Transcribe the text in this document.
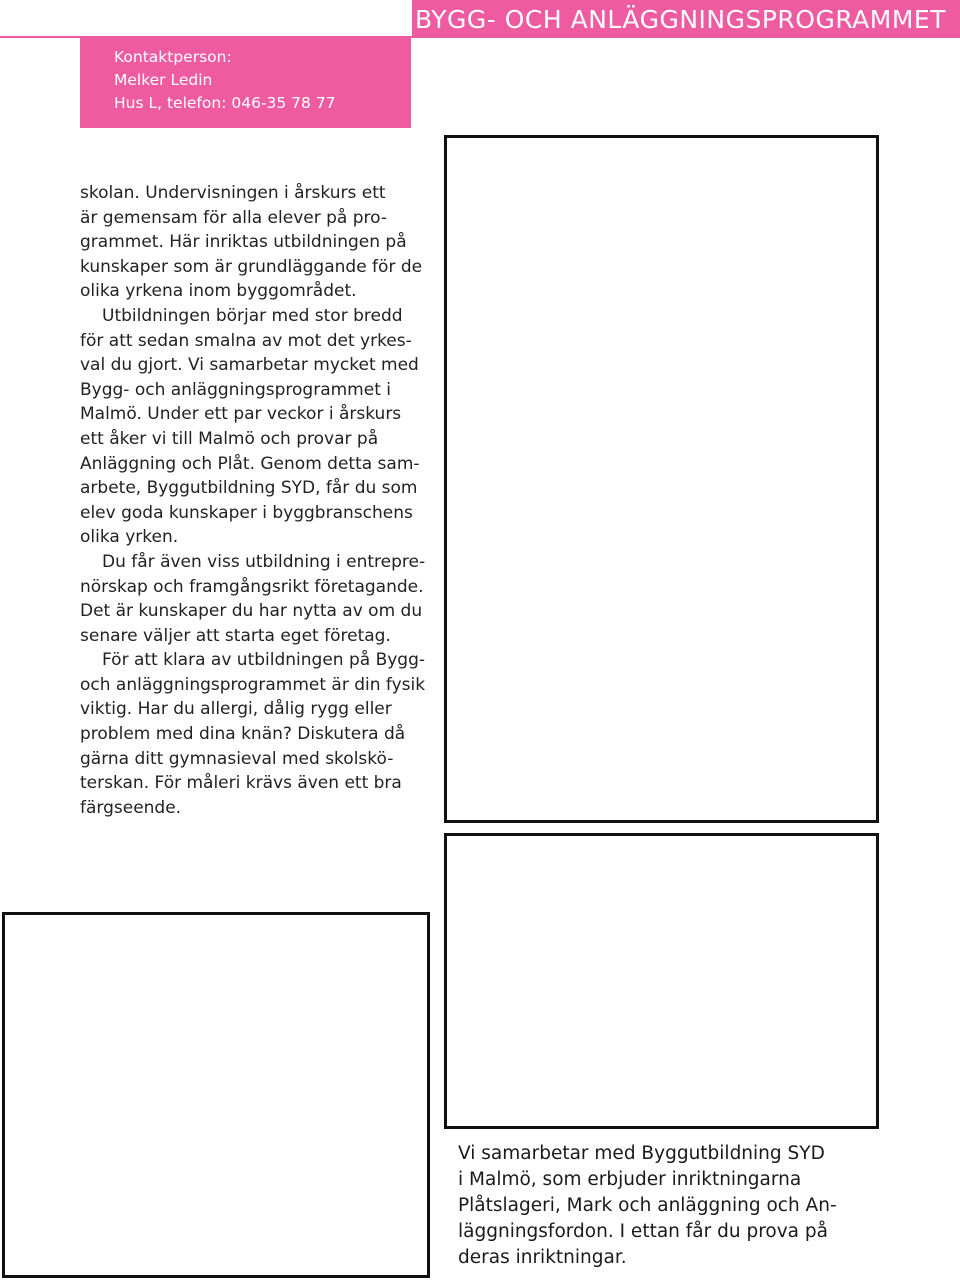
BYGG- OCH ANLÄGGNINGSPROGRAMMET
Kontaktperson:
Melker Ledin
Hus L, telefon: 046-35 78 77
skolan. Undervisningen i årskurs ett
är gemensam för alla elever på pro-
grammet. Här inriktas utbildningen på
kunskaper som är grundläggande för de
olika yrkena inom byggområdet.
Utbildningen börjar med stor bredd
för att sedan smalna av mot det yrkes-
val du gjort. Vi samarbetar mycket med
Bygg- och anläggningsprogrammet i
Malmö. Under ett par veckor i årskurs
ett åker vi till Malmö och provar på
Anläggning och Plåt. Genom detta sam-
arbete, Byggutbildning SYD, får du som
elev goda kunskaper i byggbranschens
olika yrken.
Du får även viss utbildning i entrepre-
nörskap och framgångsrikt företagande.
Det är kunskaper du har nytta av om du
senare väljer att starta eget företag.
För att klara av utbildningen på Bygg-
och anläggningsprogrammet är din fysik
viktig. Har du allergi, dålig rygg eller
problem med dina knän? Diskutera då
gärna ditt gymnasieval med skolskö-
terskan. För måleri krävs även ett bra
färgseende.
Vi samarbetar med Byggutbildning SYD
i Malmö, som erbjuder inriktningarna
Plåtslageri, Mark och anläggning och An-
läggningsfordon. I ettan får du prova på
deras inriktningar.
